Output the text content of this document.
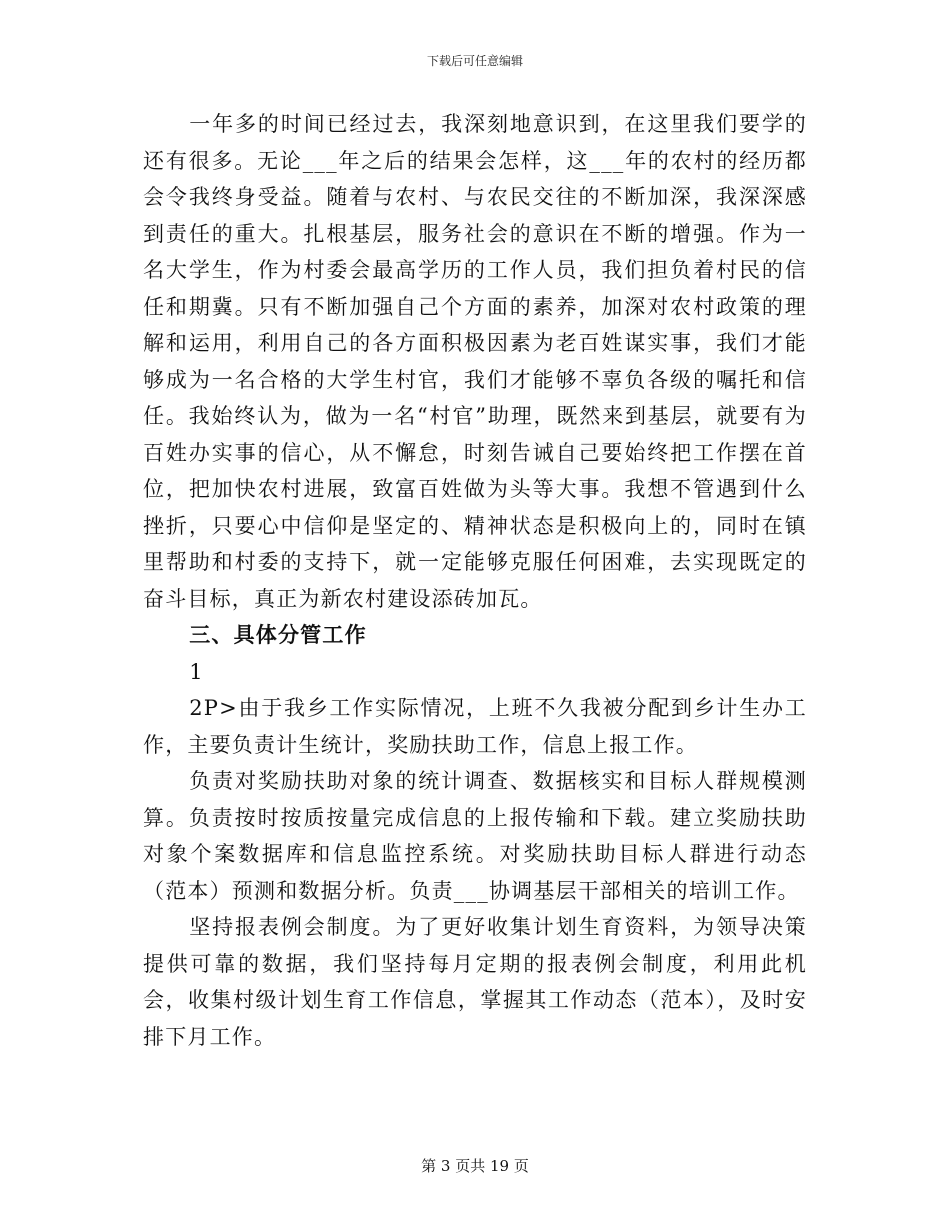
下载后可任意编辑

一年多的时间已经过去，我深刻地意识到，在这里我们要学的还有很多。无论___年之后的结果会怎样，这___年的农村的经历都会令我终身受益。随着与农村、与农民交往的不断加深，我深深感到责任的重大。扎根基层，服务社会的意识在不断的增强。作为一名大学生，作为村委会最高学历的工作人员，我们担负着村民的信任和期冀。只有不断加强自己个方面的素养，加深对农村政策的理解和运用，利用自己的各方面积极因素为老百姓谋实事，我们才能够成为一名合格的大学生村官，我们才能够不辜负各级的嘱托和信任。我始终认为，做为一名“村官”助理，既然来到基层，就要有为百姓办实事的信心，从不懈怠，时刻告诫自己要始终把工作摆在首位，把加快农村进展，致富百姓做为头等大事。我想不管遇到什么挫折，只要心中信仰是坚定的、精神状态是积极向上的，同时在镇里帮助和村委的支持下，就一定能够克服任何困难，去实现既定的奋斗目标，真正为新农村建设添砖加瓦。

三、具体分管工作

1

2P>由于我乡工作实际情况，上班不久我被分配到乡计生办工作，主要负责计生统计，奖励扶助工作，信息上报工作。

负责对奖励扶助对象的统计调查、数据核实和目标人群规模测算。负责按时按质按量完成信息的上报传输和下载。建立奖励扶助对象个案数据库和信息监控系统。对奖励扶助目标人群进行动态（范本）预测和数据分析。负责___协调基层干部相关的培训工作。

坚持报表例会制度。为了更好收集计划生育资料，为领导决策提供可靠的数据，我们坚持每月定期的报表例会制度，利用此机会，收集村级计划生育工作信息，掌握其工作动态（范本），及时安排下月工作。

第 3 页共 19 页
